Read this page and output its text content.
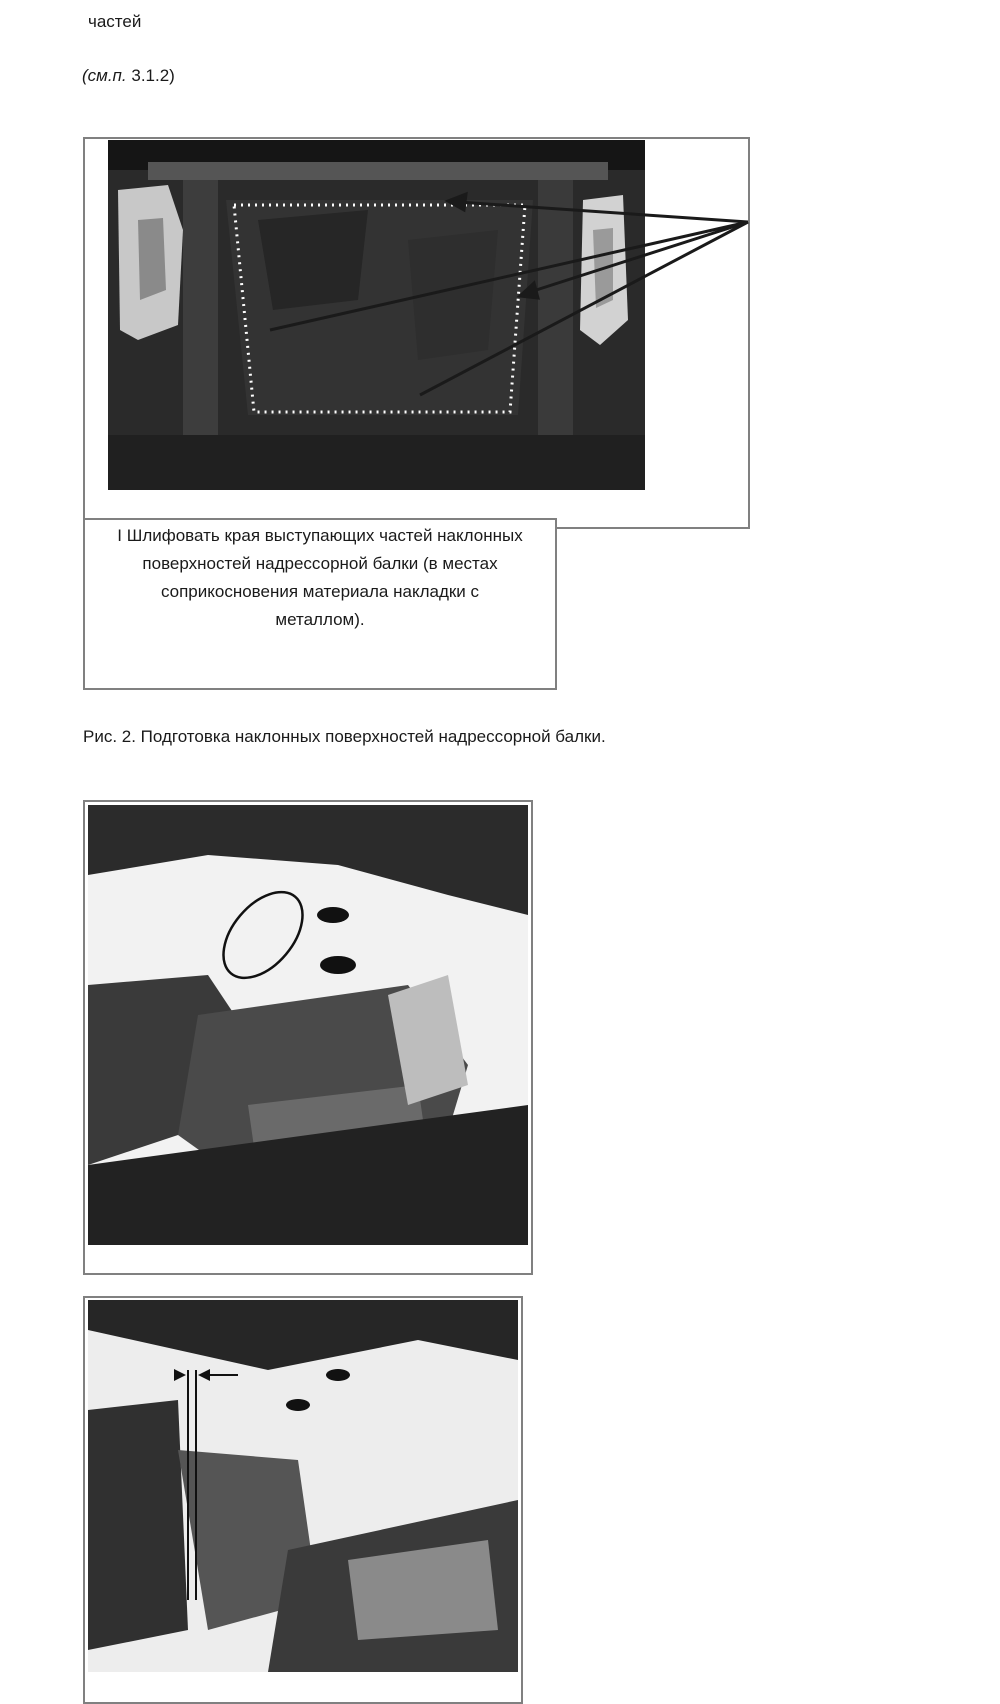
частей
(см.п. 3.1.2)
I Шлифовать края выступающих частей наклонных
поверхностей надрессорной балки (в местах
соприкосновения материала накладки с
металлом).
Рис. 2. Подготовка наклонных поверхностей надрессорной балки.
